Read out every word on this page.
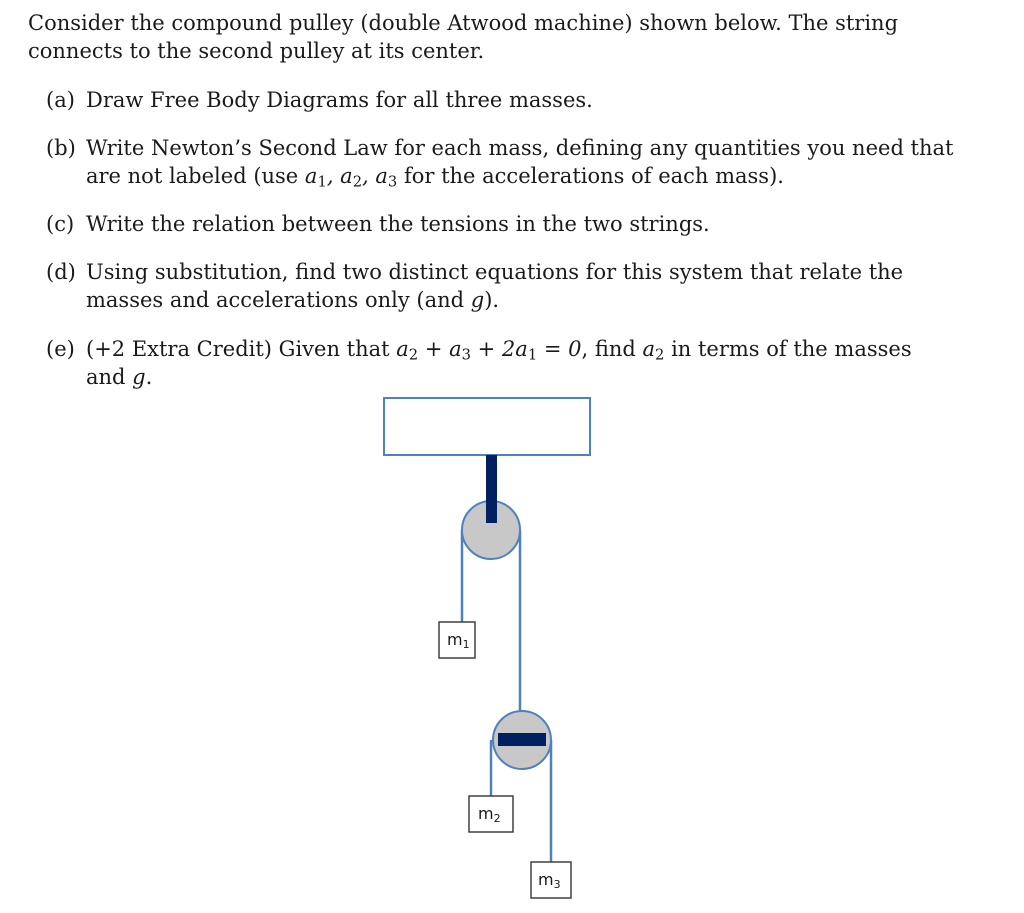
Consider the compound pulley (double Atwood machine) shown below. The string connects to the second pulley at its center.

(a) Draw Free Body Diagrams for all three masses.
(b) Write Newton’s Second Law for each mass, defining any quantities you need that are not labeled (use $a_1$, $a_2$, $a_3$ for the accelerations of each mass).
(c) Write the relation between the tensions in the two strings.
(d) Using substitution, find two distinct equations for this system that relate the masses and accelerations only (and g).
(e) (+2 Extra Credit) Given that $a_2 + a_3 + 2a_1 = 0$, find $a_2$ in terms of the masses and g.
m1
m2
m3
